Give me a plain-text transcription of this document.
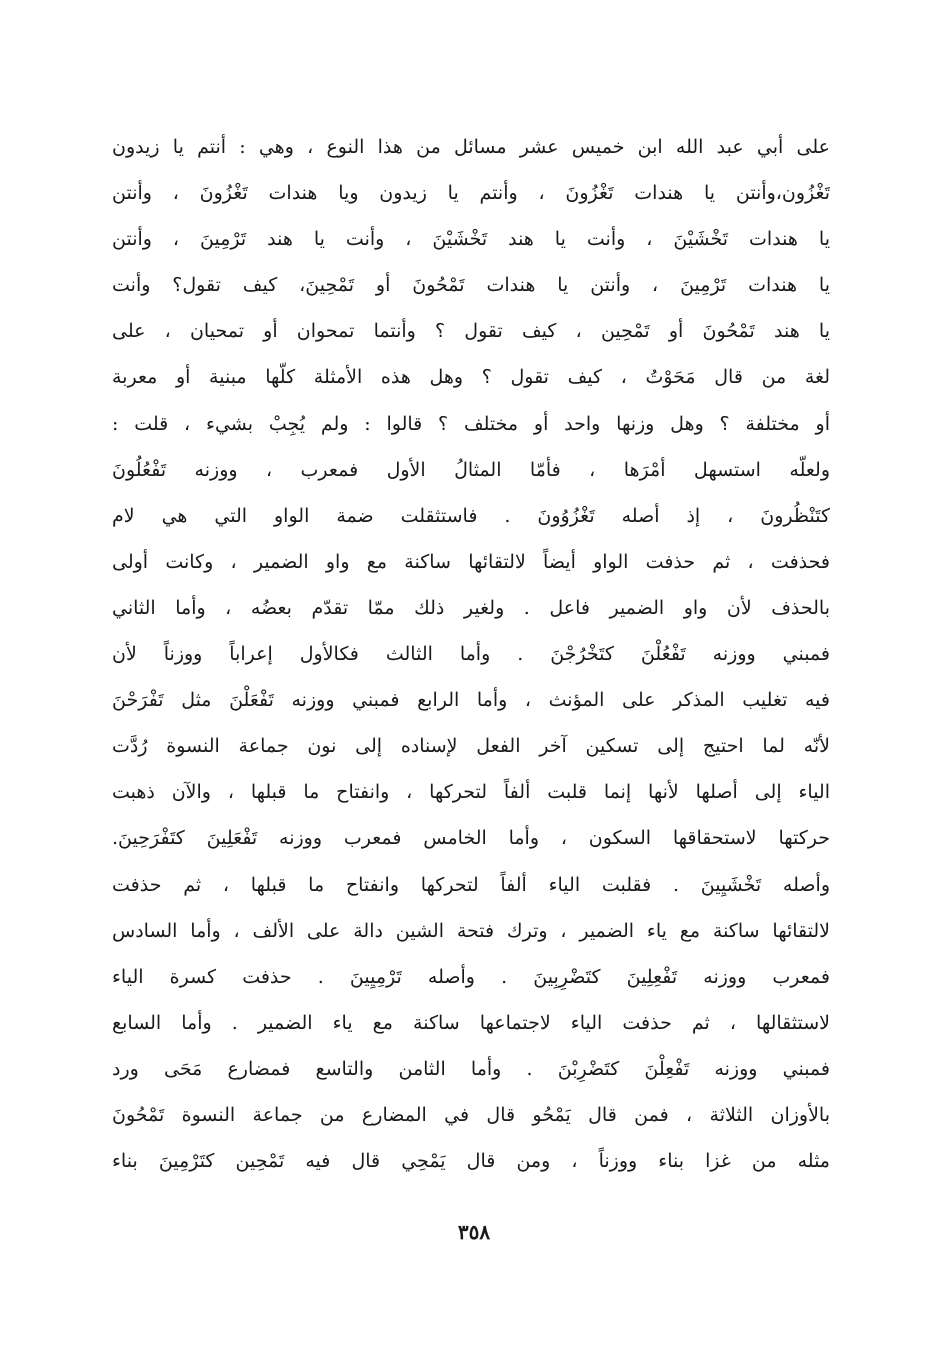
على أبي عبد الله ابن خميس عشر مسائل من هذا النوع ، وهي : أنتم يا زيدون
تَغْزُون،وأنتن يا هندات تَغْزُونَ ، وأنتم يا زيدون ويا هندات تَغْزُونَ ، وأنتن
يا هندات تَخْشَيْنَ ، وأنت يا هند تَخْشَيْنَ ، وأنت يا هند تَرْمِينَ ، وأنتن
يا هندات تَرْمِينَ ، وأنتن يا هندات تَمْحُونَ أو تَمْحِينَ، كيف تقول؟ وأنت
يا هند تَمْحُونَ أو تَمْحِين ، كيف تقول ؟ وأنتما تمحوان أو تمحيان ، على
لغة من قال مَحَوْتُ ، كيف تقول ؟ وهل هذه الأمثلة كلّها مبنية أو معربة
أو مختلفة ؟ وهل وزنها واحد أو مختلف ؟ قالوا : ولم يُجِبْ بشيء ، قلت :
ولعلّه استسهل أمْرَها ، فأمّا المثالُ الأول فمعرب ، ووزنه تَفْعُلُونَ
كتَنْظُرونَ ، إذ أصله تَغْزُوُونَ . فاستثقلت ضمة الواو التي هي لام
فحذفت ، ثم حذفت الواو أيضاً لالتقائها ساكنة مع واو الضمير ، وكانت أولى
بالحذف لأن واو الضمير فاعل . ولغير ذلك ممّا تقدّم بعضُه ، وأما الثاني
فمبني ووزنه تَفْعُلْنَ كتَخْرُجْنَ . وأما الثالث فكالأول إعراباً ووزناً لأن
فيه تغليب المذكر على المؤنث ، وأما الرابع فمبني ووزنه تَفْعَلْنَ مثل تَفْرَحْنَ
لأنّه لما احتيج إلى تسكين آخر الفعل لإسناده إلى نون جماعة النسوة رُدَّت
الياء إلى أصلها لأنها إنما قلبت ألفاً لتحركها ، وانفتاح ما قبلها ، والآن ذهبت
حركتها لاستحقاقها السكون ، وأما الخامس فمعرب ووزنه تَفْعَلِينَ كتَفْرَحِينَ.
وأصله تَخْشَيِينَ . فقلبت الياء ألفاً لتحركها وانفتاح ما قبلها ، ثم حذفت
لالتقائها ساكنة مع ياء الضمير ، وترك فتحة الشين دالة على الألف ، وأما السادس
فمعرب ووزنه تَفْعِلِينَ كتَضْرِبِينَ . وأصله تَرْمِيِينَ . حذفت كسرة الياء
لاستثقالها ، ثم حذفت الياء لاجتماعها ساكنة مع ياء الضمير . وأما السابع
فمبني ووزنه تَفْعِلْنَ كتَضْرِبْنَ . وأما الثامن والتاسع فمضارع مَحَى ورد
بالأوزان الثلاثة ، فمن قال يَمْحُو قال في المضارع من جماعة النسوة تَمْحُونَ
مثله من غزا بناء ووزناً ، ومن قال يَمْحِي قال فيه تَمْحِين كتَرْمِينَ بناء
٣٥٨
